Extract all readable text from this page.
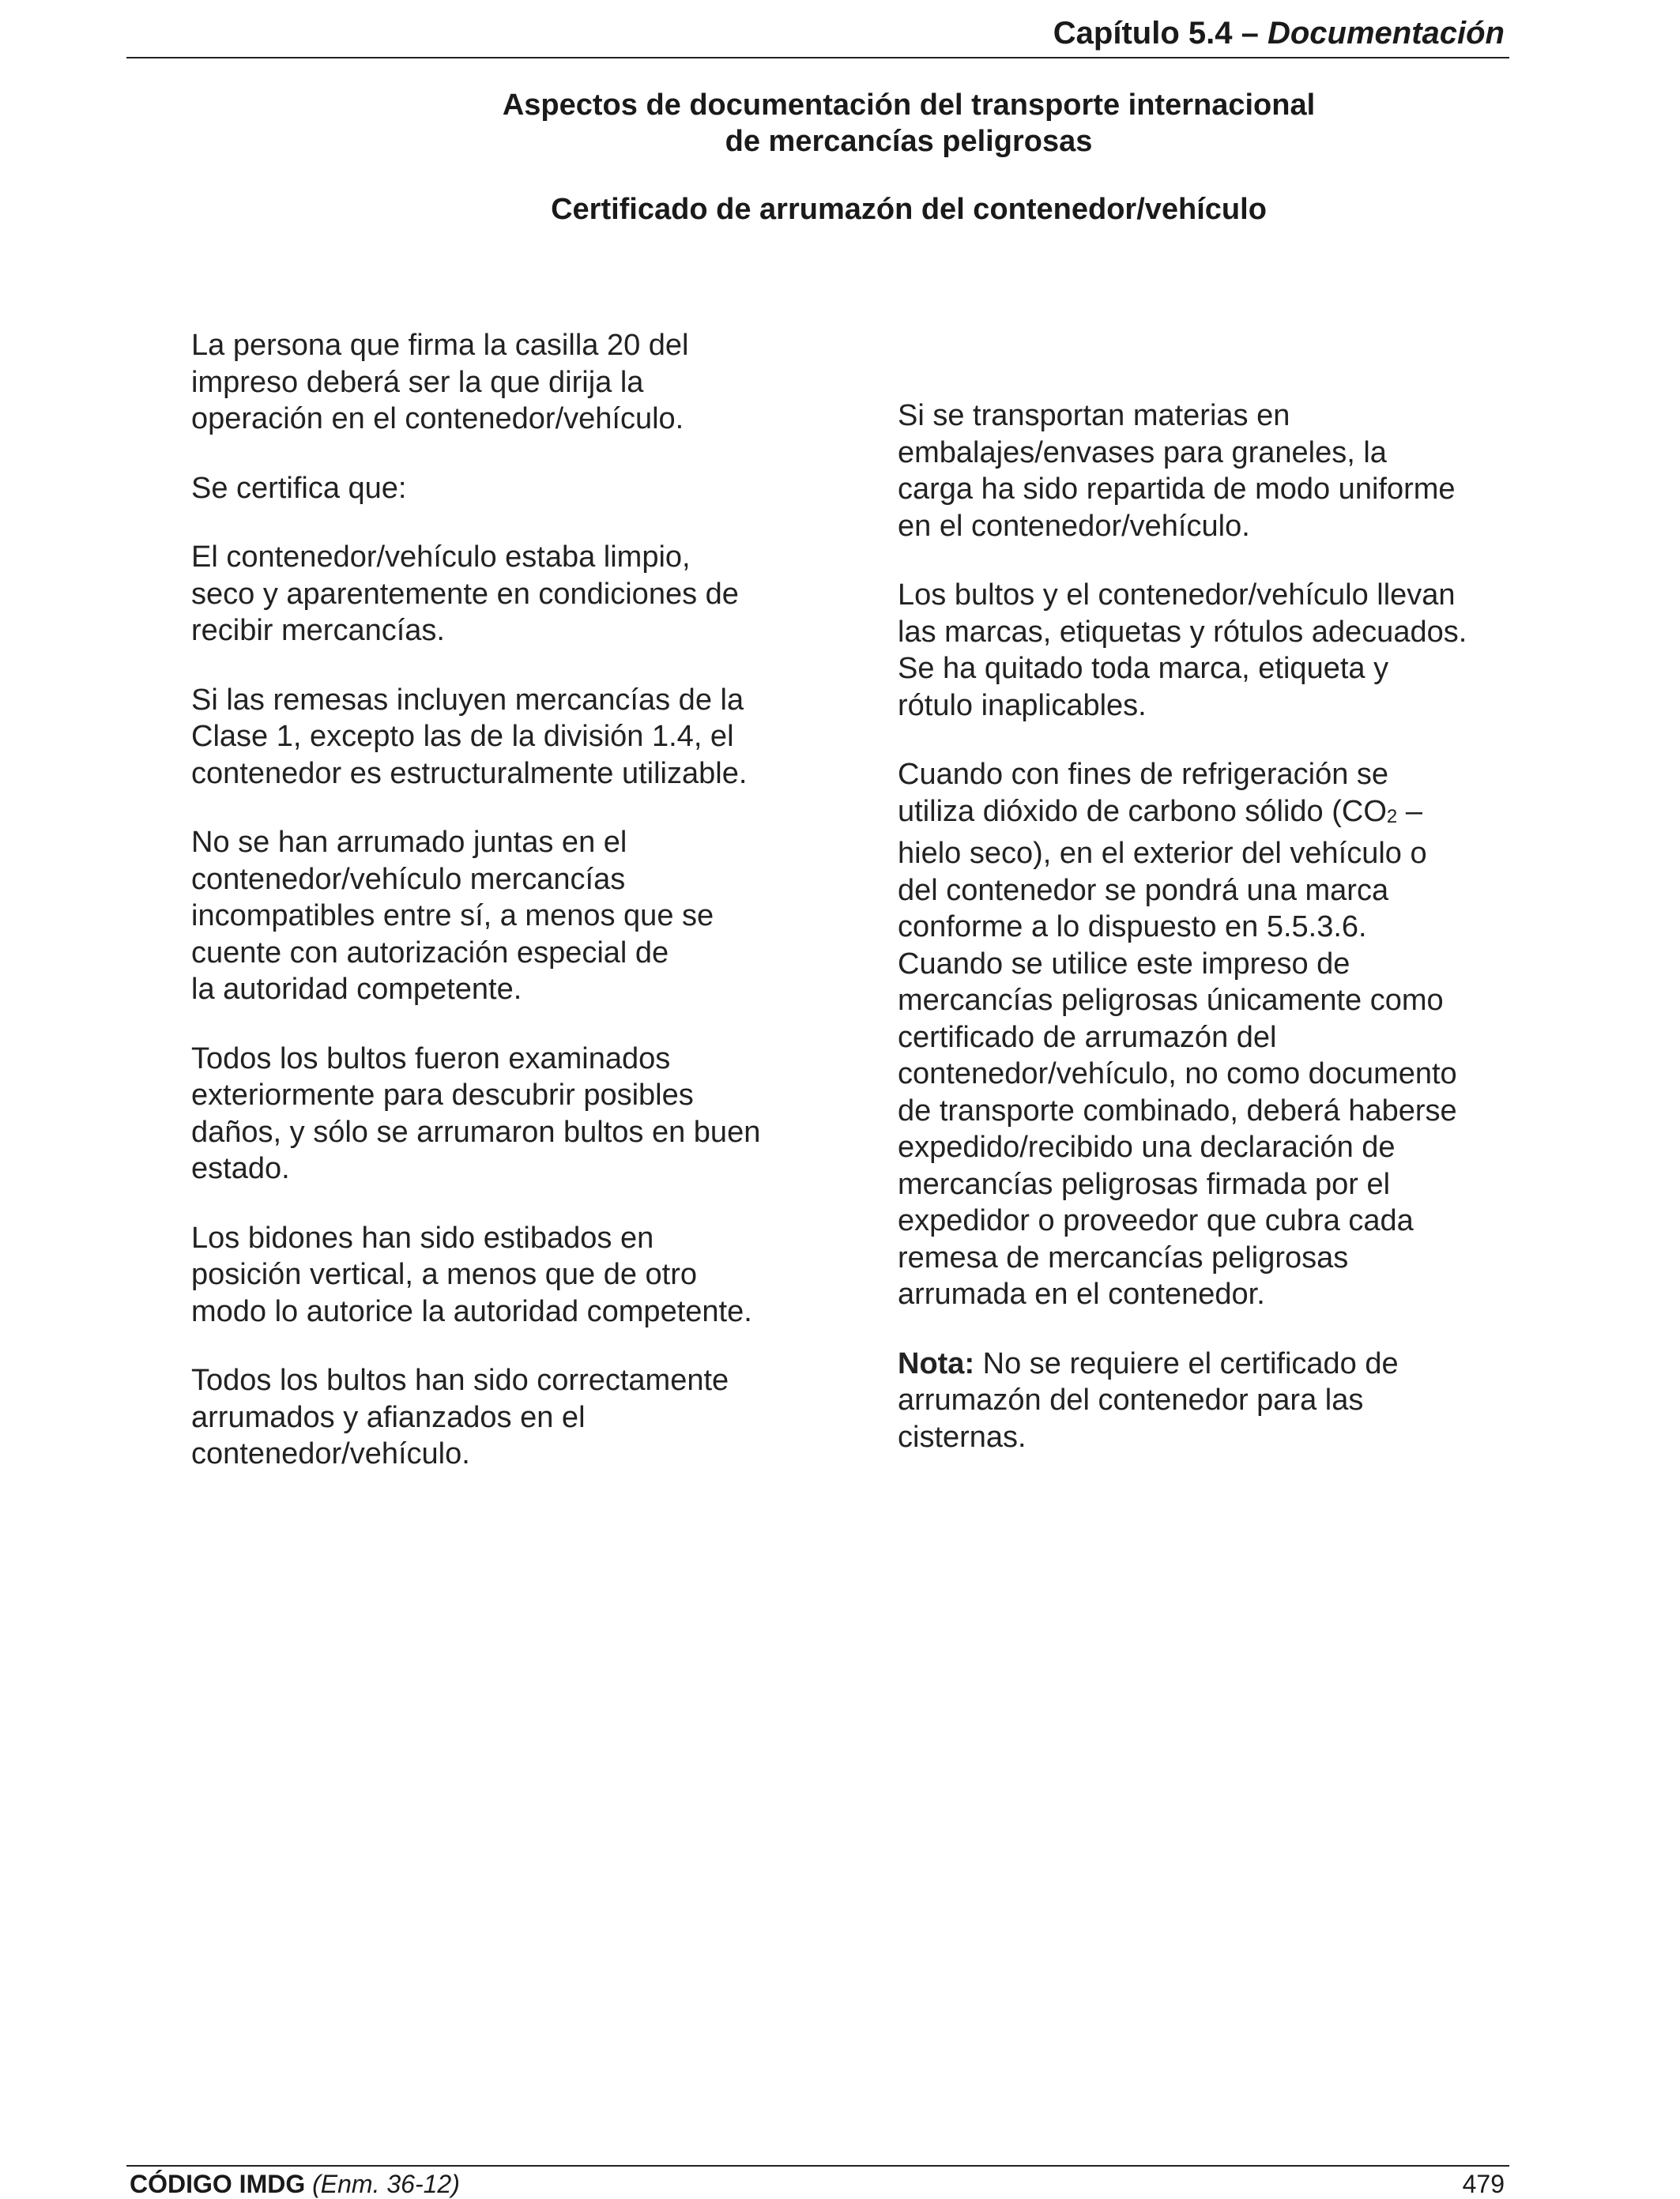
Capítulo 5.4 – Documentación
Aspectos de documentación del transporte internacional
de mercancías peligrosas
Certificado de arrumazón del contenedor/vehículo

La persona que firma la casilla 20 del
impreso deberá ser la que dirija la
operación en el contenedor/vehículo.

Se certifica que:

El contenedor/vehículo estaba limpio,
seco y aparentemente en condiciones de
recibir mercancías.

Si las remesas incluyen mercancías de la
Clase 1, excepto las de la división 1.4, el
contenedor es estructuralmente utilizable.

No se han arrumado juntas en el
contenedor/vehículo mercancías
incompatibles entre sí, a menos que se
cuente con autorización especial de
la autoridad competente.

Todos los bultos fueron examinados
exteriormente para descubrir posibles
daños, y sólo se arrumaron bultos en buen
estado.

Los bidones han sido estibados en
posición vertical, a menos que de otro
modo lo autorice la autoridad competente.

Todos los bultos han sido correctamente
arrumados y afianzados en el
contenedor/vehículo.

Si se transportan materias en
embalajes/envases para graneles, la
carga ha sido repartida de modo uniforme
en el contenedor/vehículo.

Los bultos y el contenedor/vehículo llevan
las marcas, etiquetas y rótulos adecuados.
Se ha quitado toda marca, etiqueta y
rótulo inaplicables.

Cuando con fines de refrigeración se
utiliza dióxido de carbono sólido ($CO_2$ –
hielo seco), en el exterior del vehículo o
del contenedor se pondrá una marca
conforme a lo dispuesto en 5.5.3.6.

Cuando se utilice este impreso de
mercancías peligrosas únicamente como
certificado de arrumazón del
contenedor/vehículo, no como documento
de transporte combinado, deberá haberse
expedido/recibido una declaración de
mercancías peligrosas firmada por el
expedidor o proveedor que cubra cada
remesa de mercancías peligrosas
arrumada en el contenedor.

Nota: No se requiere el certificado de
arrumazón del contenedor para las
cisternas.

CÓDIGO IMDG (Enm. 36-12)	479
